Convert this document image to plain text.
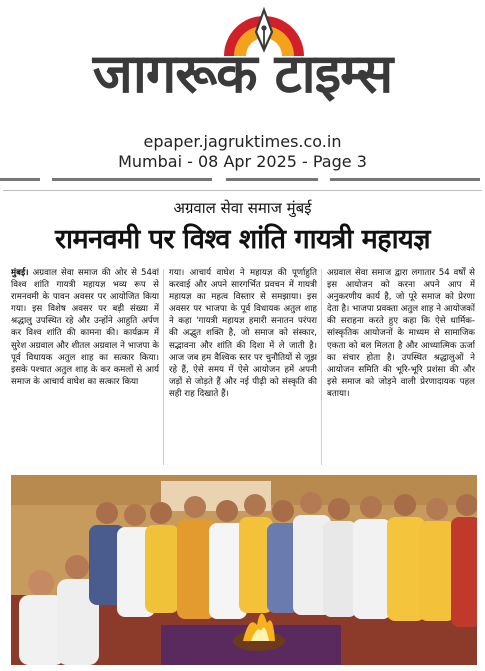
जागरूक टाइम्स
epaper.jagruktimes.co.in
Mumbai - 08 Apr 2025 - Page 3
अग्रवाल सेवा समाज मुंबई
रामनवमी पर विश्व शांति गायत्री महायज्ञ
मुंबई। अग्रवाल सेवा समाज की ओर से 54वां विश्व शांति गायत्री महायज्ञ भव्य रूप से रामनवमी के पावन अवसर पर आयोजित किया गया। इस विशेष अवसर पर बड़ी संख्या में श्रद्धालु उपस्थित रहे और उन्होंने आहुति अर्पण कर विश्व शांति की कामना की। कार्यक्रम में सुरेश अग्रवाल और शीतल अग्रवाल ने भाजपा के पूर्व विधायक अतुल शाह का सत्कार किया। इसके पश्चात अतुल शाह के कर कमलों से आर्य समाज के आचार्य वाघेश का सत्कार किया
गया। आचार्य वाघेश ने महायज्ञ की पूर्णाहुति करवाई और अपने सारगर्भित प्रवचन में गायत्री महायज्ञ का महत्व विस्तार से समझाया। इस अवसर पर भाजपा के पूर्व विधायक अतुल शाह ने कहा 'गायत्री महायज्ञ हमारी सनातन परंपरा की अद्भुत शक्ति है, जो समाज को संस्कार, सद्भावना और शांति की दिशा में ले जाती है। आज जब हम वैश्विक स्तर पर चुनौतियों से जूझ रहे हैं, ऐसे समय में ऐसे आयोजन हमें अपनी जड़ों से जोड़ते हैं और नई पीढ़ी को संस्कृति की सही राह दिखाते हैं।
अग्रवाल सेवा समाज द्वारा लगातार 54 वर्षों से इस आयोजन को करना अपने आप में अनुकरणीय कार्य है, जो पूरे समाज को प्रेरणा देता है। भाजपा प्रवक्ता अतुल शाह ने आयोजकों की सराहना करते हुए कहा कि ऐसे धार्मिक-सांस्कृतिक आयोजनों के माध्यम से सामाजिक एकता को बल मिलता है और आध्यात्मिक ऊर्जा का संचार होता है। उपस्थित श्रद्धालुओं ने आयोजन समिति की भूरि-भूरि प्रशंसा की और इसे समाज को जोड़ने वाली प्रेरणादायक पहल बताया।
